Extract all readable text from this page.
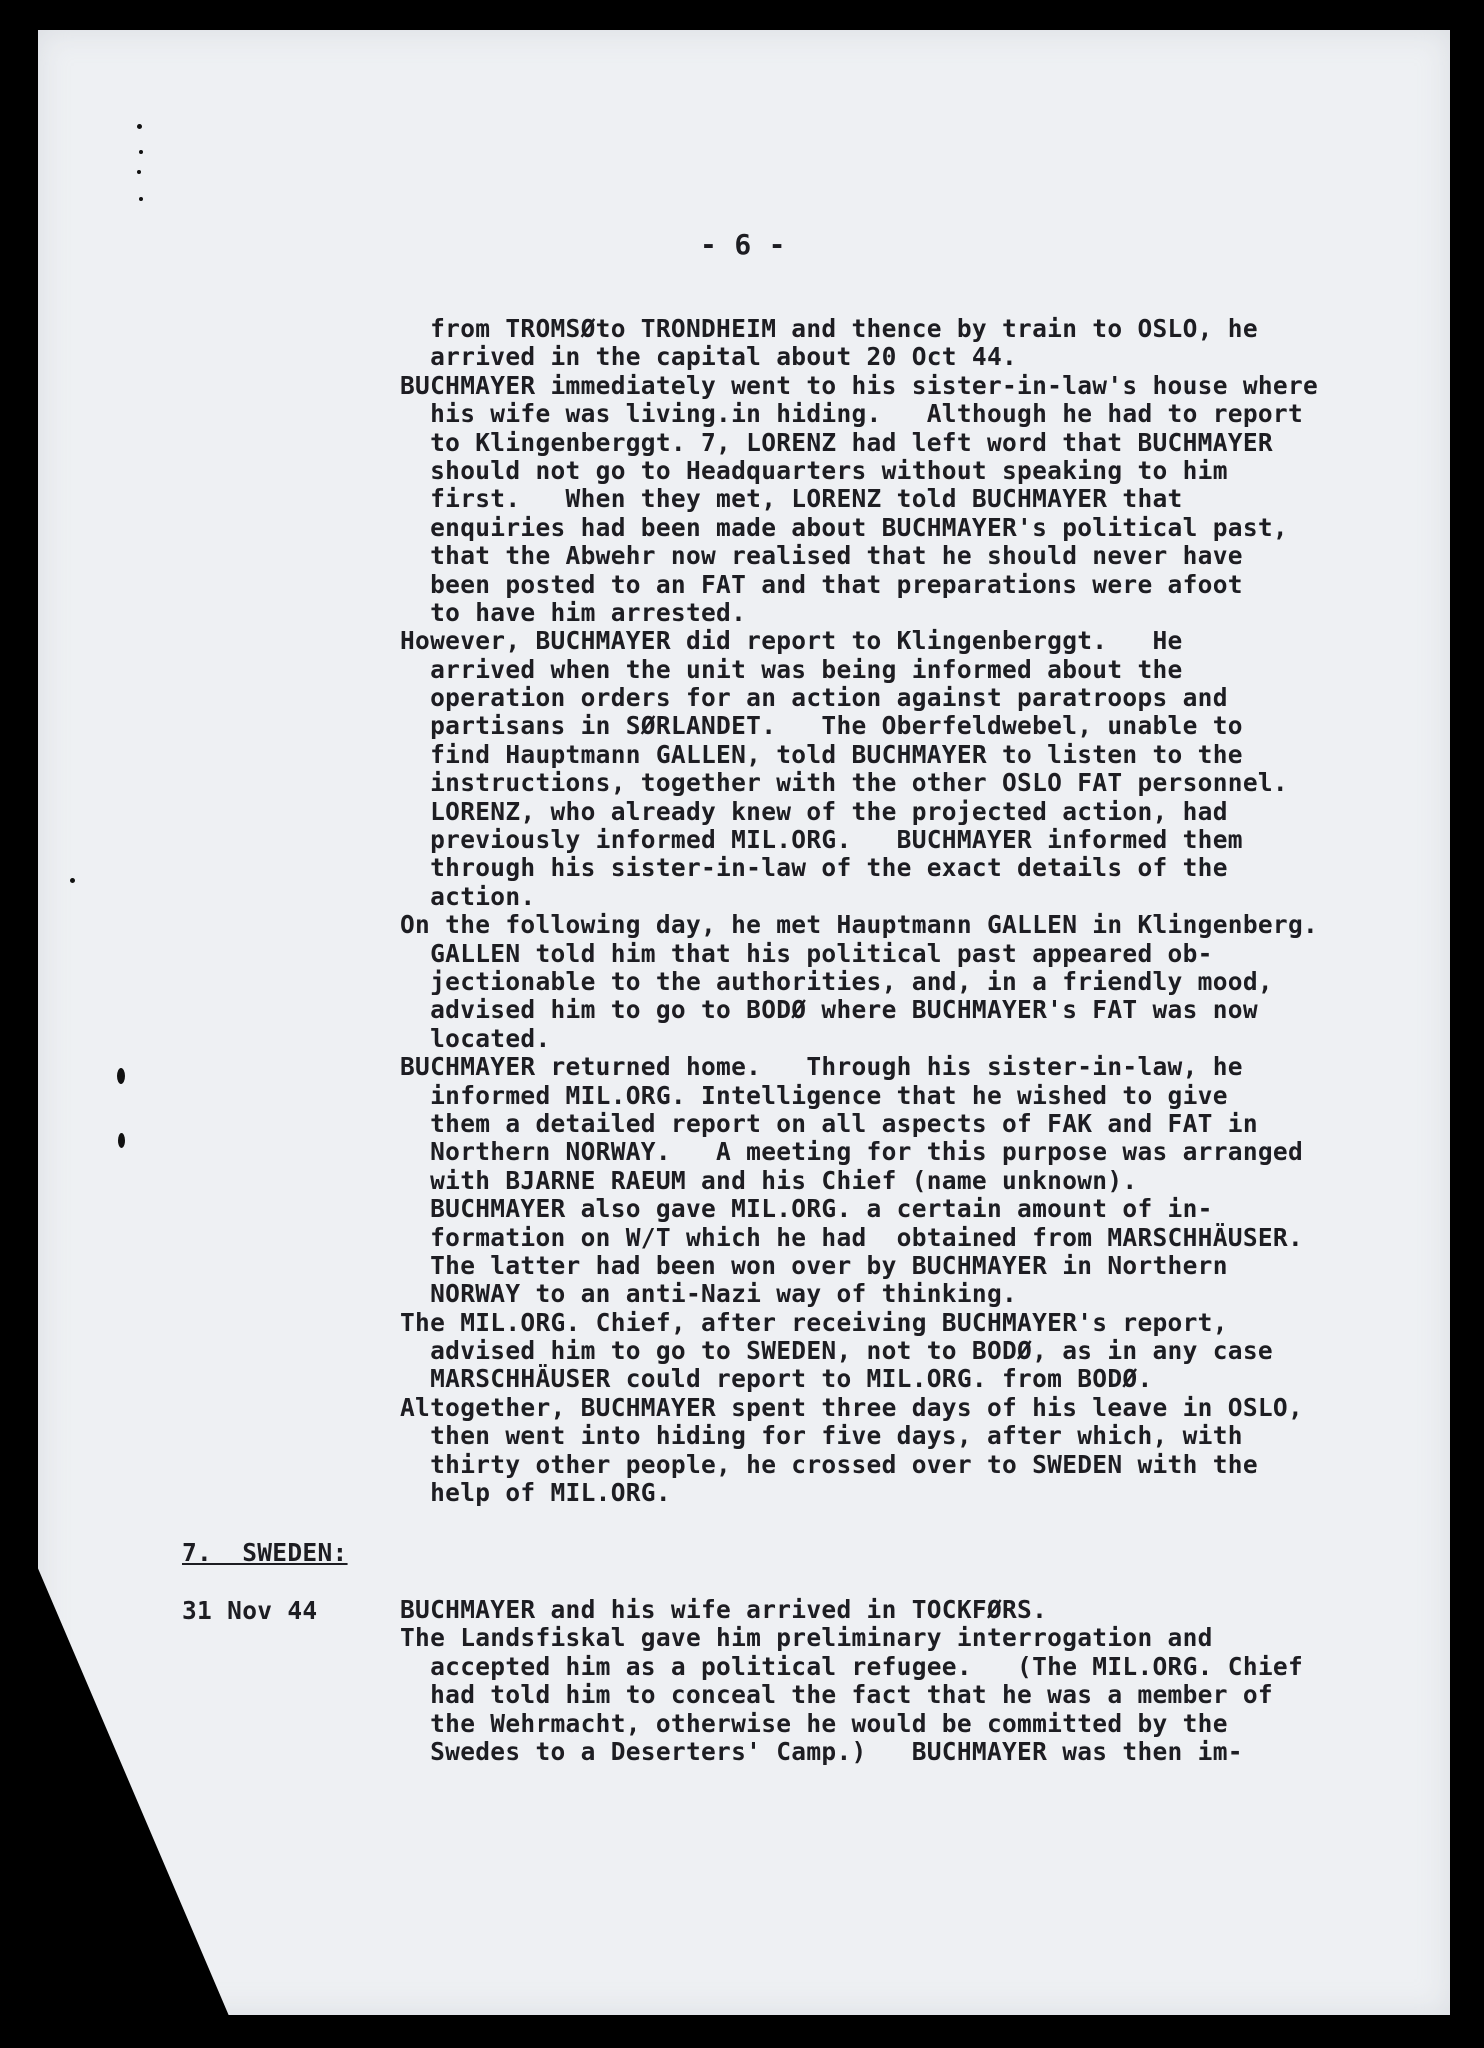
- 6 -
from TROMSØto TRONDHEIM and thence by train to OSLO, he
arrived in the capital about 20 Oct 44.
BUCHMAYER immediately went to his sister-in-law's house where
his wife was living.in hiding.   Although he had to report
to Klingenberggt. 7, LORENZ had left word that BUCHMAYER
should not go to Headquarters without speaking to him
first.   When they met, LORENZ told BUCHMAYER that
enquiries had been made about BUCHMAYER's political past,
that the Abwehr now realised that he should never have
been posted to an FAT and that preparations were afoot
to have him arrested.
However, BUCHMAYER did report to Klingenberggt.   He
arrived when the unit was being informed about the
operation orders for an action against paratroops and
partisans in SØRLANDET.   The Oberfeldwebel, unable to
find Hauptmann GALLEN, told BUCHMAYER to listen to the
instructions, together with the other OSLO FAT personnel.
LORENZ, who already knew of the projected action, had
previously informed MIL.ORG.   BUCHMAYER informed them
through his sister-in-law of the exact details of the
action.
On the following day, he met Hauptmann GALLEN in Klingenberg.
GALLEN told him that his political past appeared ob-
jectionable to the authorities, and, in a friendly mood,
advised him to go to BODØ where BUCHMAYER's FAT was now
located.
BUCHMAYER returned home.   Through his sister-in-law, he
informed MIL.ORG. Intelligence that he wished to give
them a detailed report on all aspects of FAK and FAT in
Northern NORWAY.   A meeting for this purpose was arranged
with BJARNE RAEUM and his Chief (name unknown).
BUCHMAYER also gave MIL.ORG. a certain amount of in-
formation on W/T which he had  obtained from MARSCHHÄUSER.
The latter had been won over by BUCHMAYER in Northern
NORWAY to an anti-Nazi way of thinking.
The MIL.ORG. Chief, after receiving BUCHMAYER's report,
advised him to go to SWEDEN, not to BODØ, as in any case
MARSCHHÄUSER could report to MIL.ORG. from BODØ.
Altogether, BUCHMAYER spent three days of his leave in OSLO,
then went into hiding for five days, after which, with
thirty other people, he crossed over to SWEDEN with the
help of MIL.ORG.
7.  SWEDEN:
31 Nov 44	BUCHMAYER and his wife arrived in TOCKFØRS.
The Landsfiskal gave him preliminary interrogation and
accepted him as a political refugee.   (The MIL.ORG. Chief
had told him to conceal the fact that he was a member of
the Wehrmacht, otherwise he would be committed by the
Swedes to a Deserters' Camp.)   BUCHMAYER was then im-
